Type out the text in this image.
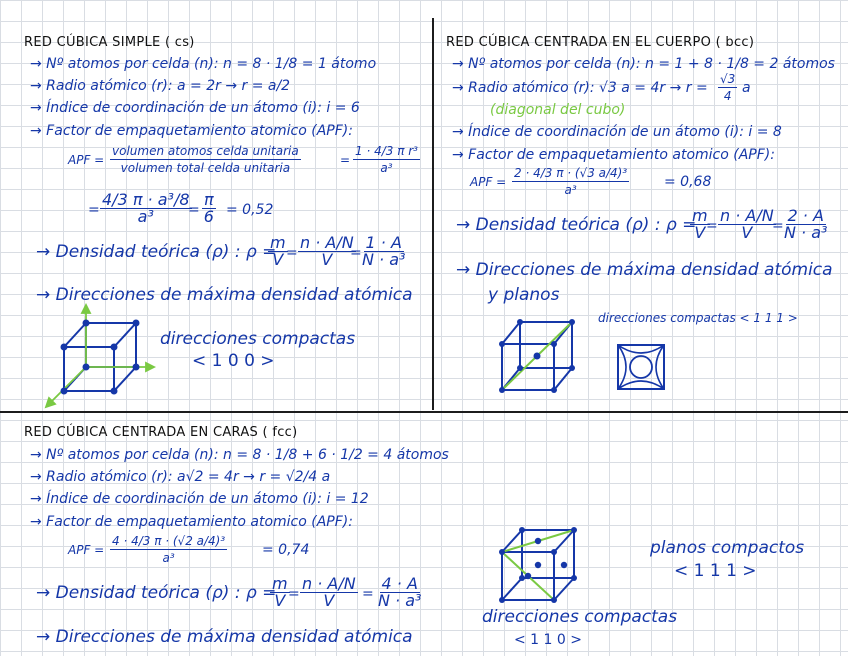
RED CÚBICA SIMPLE ( cs)
→ Nº atomos por celda (n): n = 8 · 1/8 = 1 átomo
→ Radio atómico (r): a = 2r → r = a/2
→ Índice de coordinación de un átomo (i): i = 6
→ Factor de empaquetamiento atomico (APF):
APF =
volumen atomos celda unitaria
volumen total celda unitaria
= $\frac{\text{1 · 4/3 π r³}}{\text{a³}}$
= $\frac{\text{4/3 π · a³/8}}{\text{a³}}$
= $\frac{\pi}{6} = 0,52$
→ Densidad teórica (ρ) : ρ =
$\frac{m}{V}$
= $\frac{n \cdot A/N}{V}$
= $\frac{1 \cdot A}{\text{N · a³}}$
→ Direcciones de máxima densidad atómica
direcciones compactas
< 1 0 0 >
RED CÚBICA CENTRADA EN EL CUERPO ( bcc)
→ Nº atomos por celda (n): n = 1 + 8 · 1/8 = 2 átomos
→ Radio atómico (r): √3 $a = 4r \to r = \frac{√3}{4}$ a
(diagonal del cubo)
→ Índice de coordinación de un átomo (i): i = 8
→ Factor de empaquetamiento atomico (APF):
APF = $\frac{\text{2 · 4/3 π · (√3 a/4)³}}{\text{a³}} = 0,68$
→ Densidad teórica (ρ) : ρ =
$\frac{m}{V}$
= $\frac{n \cdot A/N}{V}$
= $\frac{2 \cdot A}{\text{N · a³}}$
→ Direcciones de máxima densidad atómica
y planos
direcciones compactas < 1 1 1 >
RED CÚBICA CENTRADA EN CARAS ( fcc)
→ Nº atomos por celda (n): n = 8 · 1/8 + 6 · 1/2 = 4 átomos
→ Radio atómico (r): a√2 = 4r → r = √2/4 a
→ Índice de coordinación de un átomo (i): i = 12
→ Factor de empaquetamiento atomico (APF):
APF = $\frac{\text{4 · 4/3 π · (√2 a/4)³}}{\text{a³}} = 0,74$
→ Densidad teórica (ρ) : ρ =
$\frac{m}{V}$
= $\frac{n \cdot A/N}{V} = \frac{4 \cdot A}{\text{N · a³}}$
→ Direcciones de máxima densidad atómica
planos compactos
< 1 1 1 >
direcciones compactas
< 1 1 0 >
